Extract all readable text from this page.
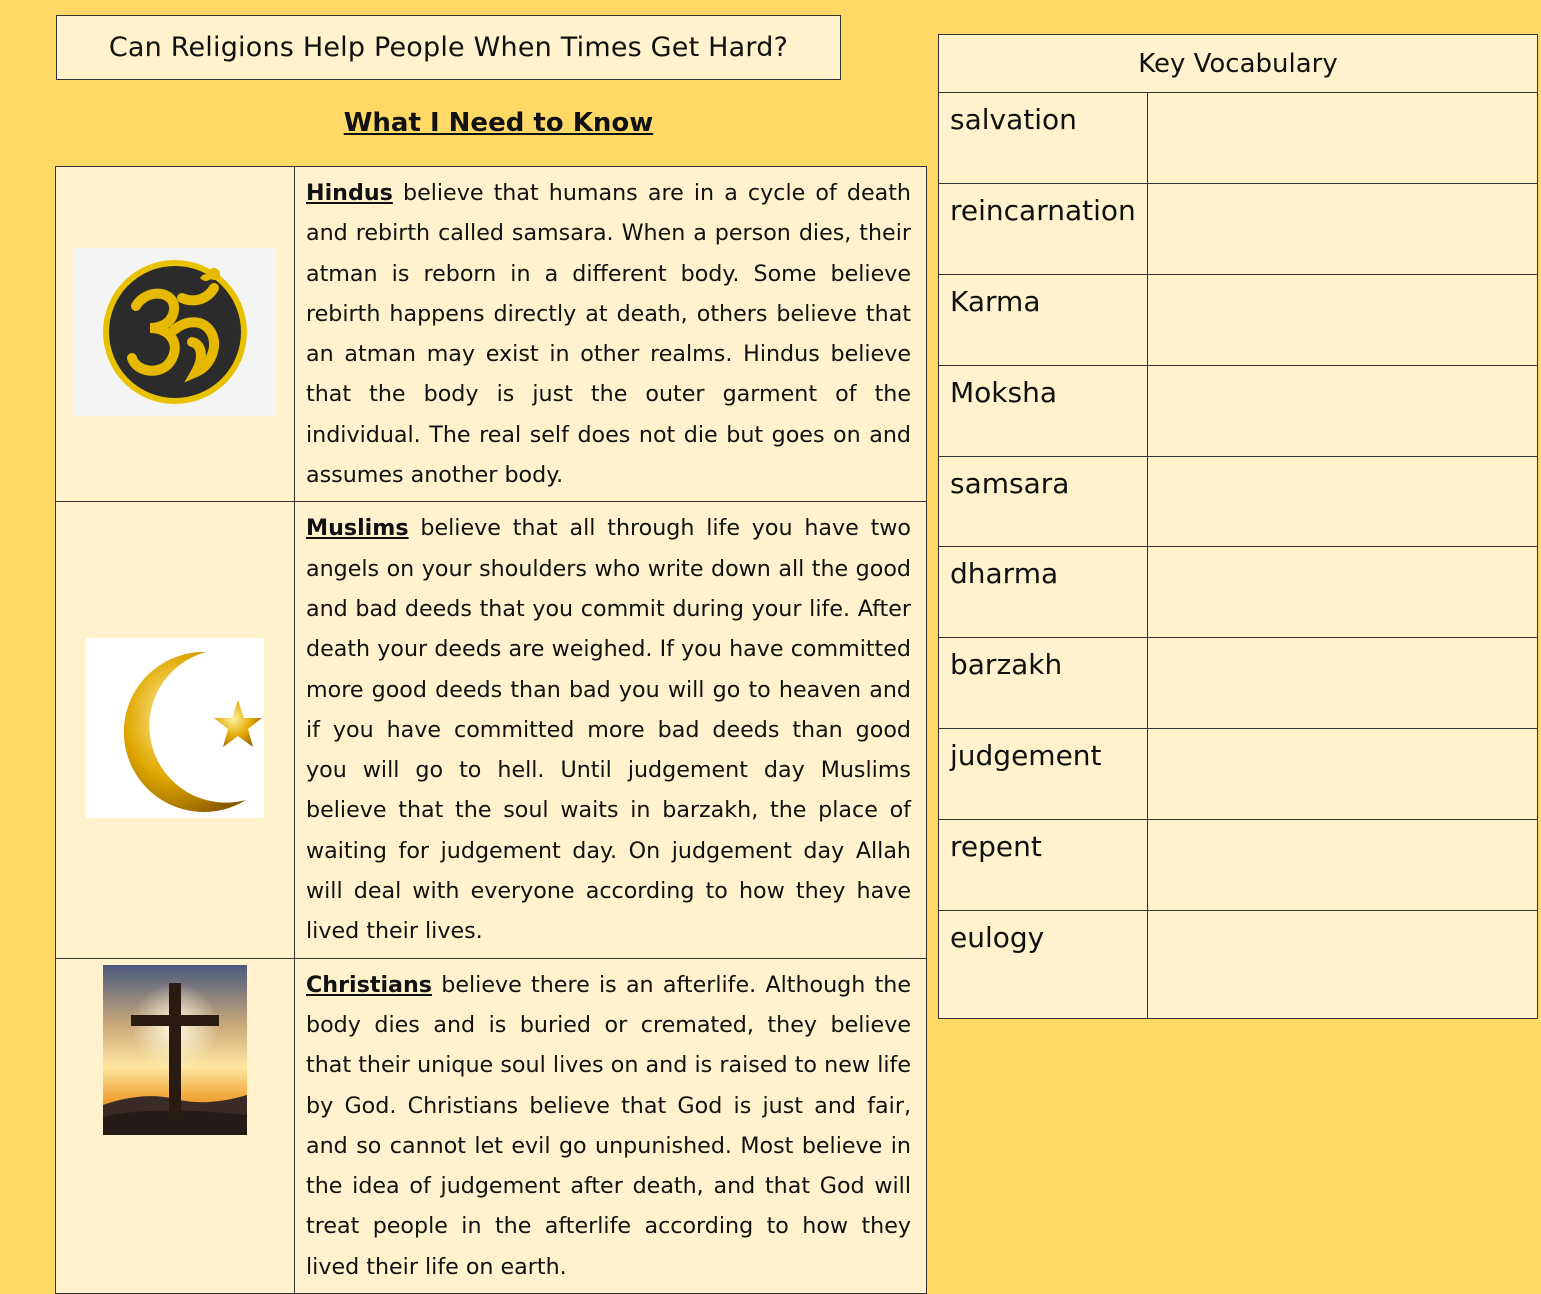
Can Religions Help People When Times Get Hard?
What I Need to Know
	Hindus believe that humans are in a cycle of death and rebirth called samsara. When a person dies, their atman is reborn in a different body. Some believe rebirth happens directly at death, others believe that an atman may exist in other realms. Hindus believe that the body is just the outer garment of the individual. The real self does not die but goes on and assumes another body.
	Muslims believe that all through life you have two angels on your shoulders who write down all the good and bad deeds that you commit during your life. After death your deeds are weighed. If you have committed more good deeds than bad you will go to heaven and if you have committed more bad deeds than good you will go to hell. Until judgement day Muslims believe that the soul waits in barzakh, the place of waiting for judgement day. On judgement day Allah will deal with everyone according to how they have lived their lives.
	Christians believe there is an afterlife. Although the body dies and is buried or cremated, they believe that their unique soul lives on and is raised to new life by God. Christians believe that God is just and fair, and so cannot let evil go unpunished. Most believe in the idea of judgement after death, and that God will treat people in the afterlife according to how they lived their life on earth.
Key Vocabulary	
salvation	
reincarnation	
Karma	
Moksha	
samsara	
dharma	
barzakh	
judgement	
repent	
eulogy	
